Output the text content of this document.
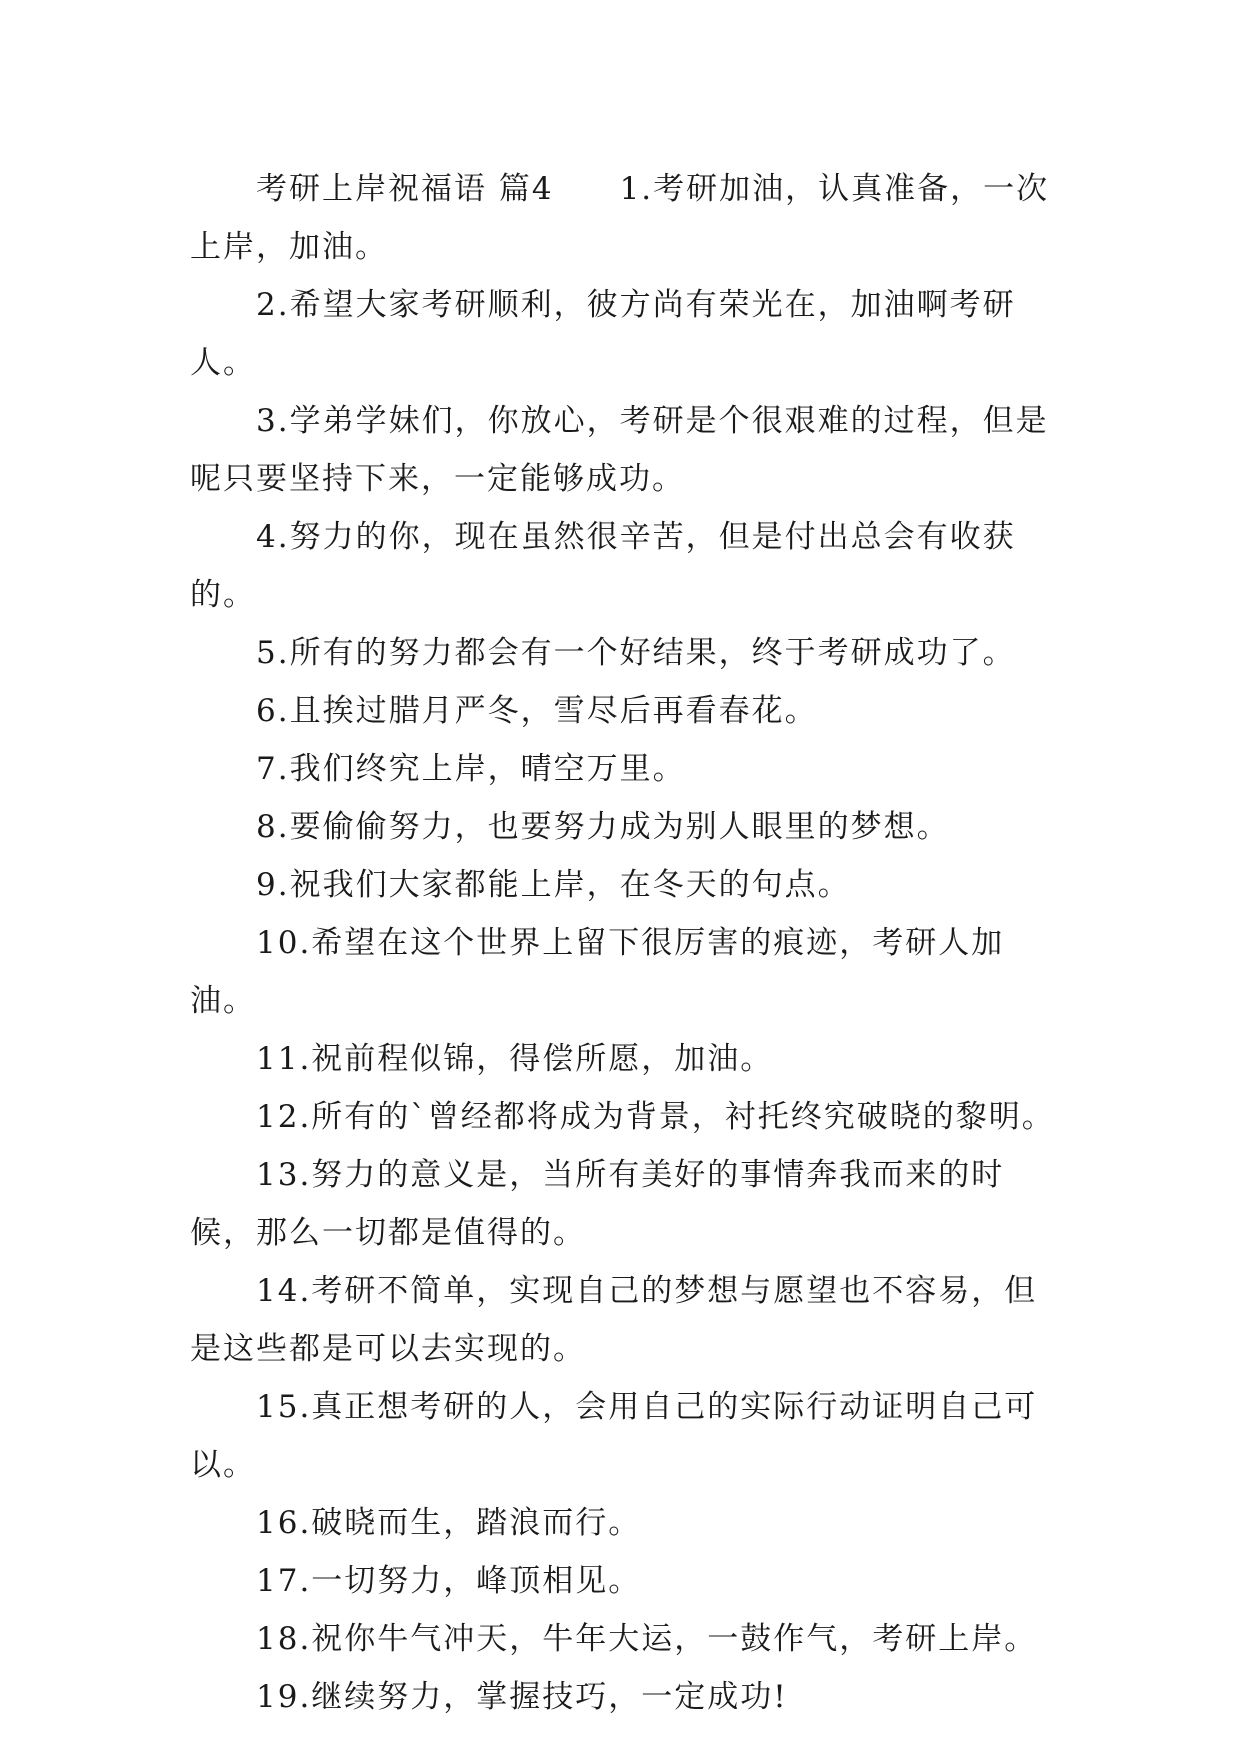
考研上岸祝福语 篇4　　1.考研加油，认真准备，一次上岸，加油。

2.希望大家考研顺利，彼方尚有荣光在，加油啊考研人。

3.学弟学妹们，你放心，考研是个很艰难的过程，但是呢只要坚持下来，一定能够成功。

4.努力的你，现在虽然很辛苦，但是付出总会有收获的。

5.所有的努力都会有一个好结果，终于考研成功了。

6.且挨过腊月严冬，雪尽后再看春花。

7.我们终究上岸，晴空万里。

8.要偷偷努力，也要努力成为别人眼里的梦想。

9.祝我们大家都能上岸，在冬天的句点。

10.希望在这个世界上留下很厉害的痕迹，考研人加油。

11.祝前程似锦，得偿所愿，加油。

12.所有的`曾经都将成为背景，衬托终究破晓的黎明。

13.努力的意义是，当所有美好的事情奔我而来的时候，那么一切都是值得的。

14.考研不简单，实现自己的梦想与愿望也不容易，但是这些都是可以去实现的。

15.真正想考研的人，会用自己的实际行动证明自己可以。

16.破晓而生，踏浪而行。

17.一切努力，峰顶相见。

18.祝你牛气冲天，牛年大运，一鼓作气，考研上岸。

19.继续努力，掌握技巧，一定成功!
